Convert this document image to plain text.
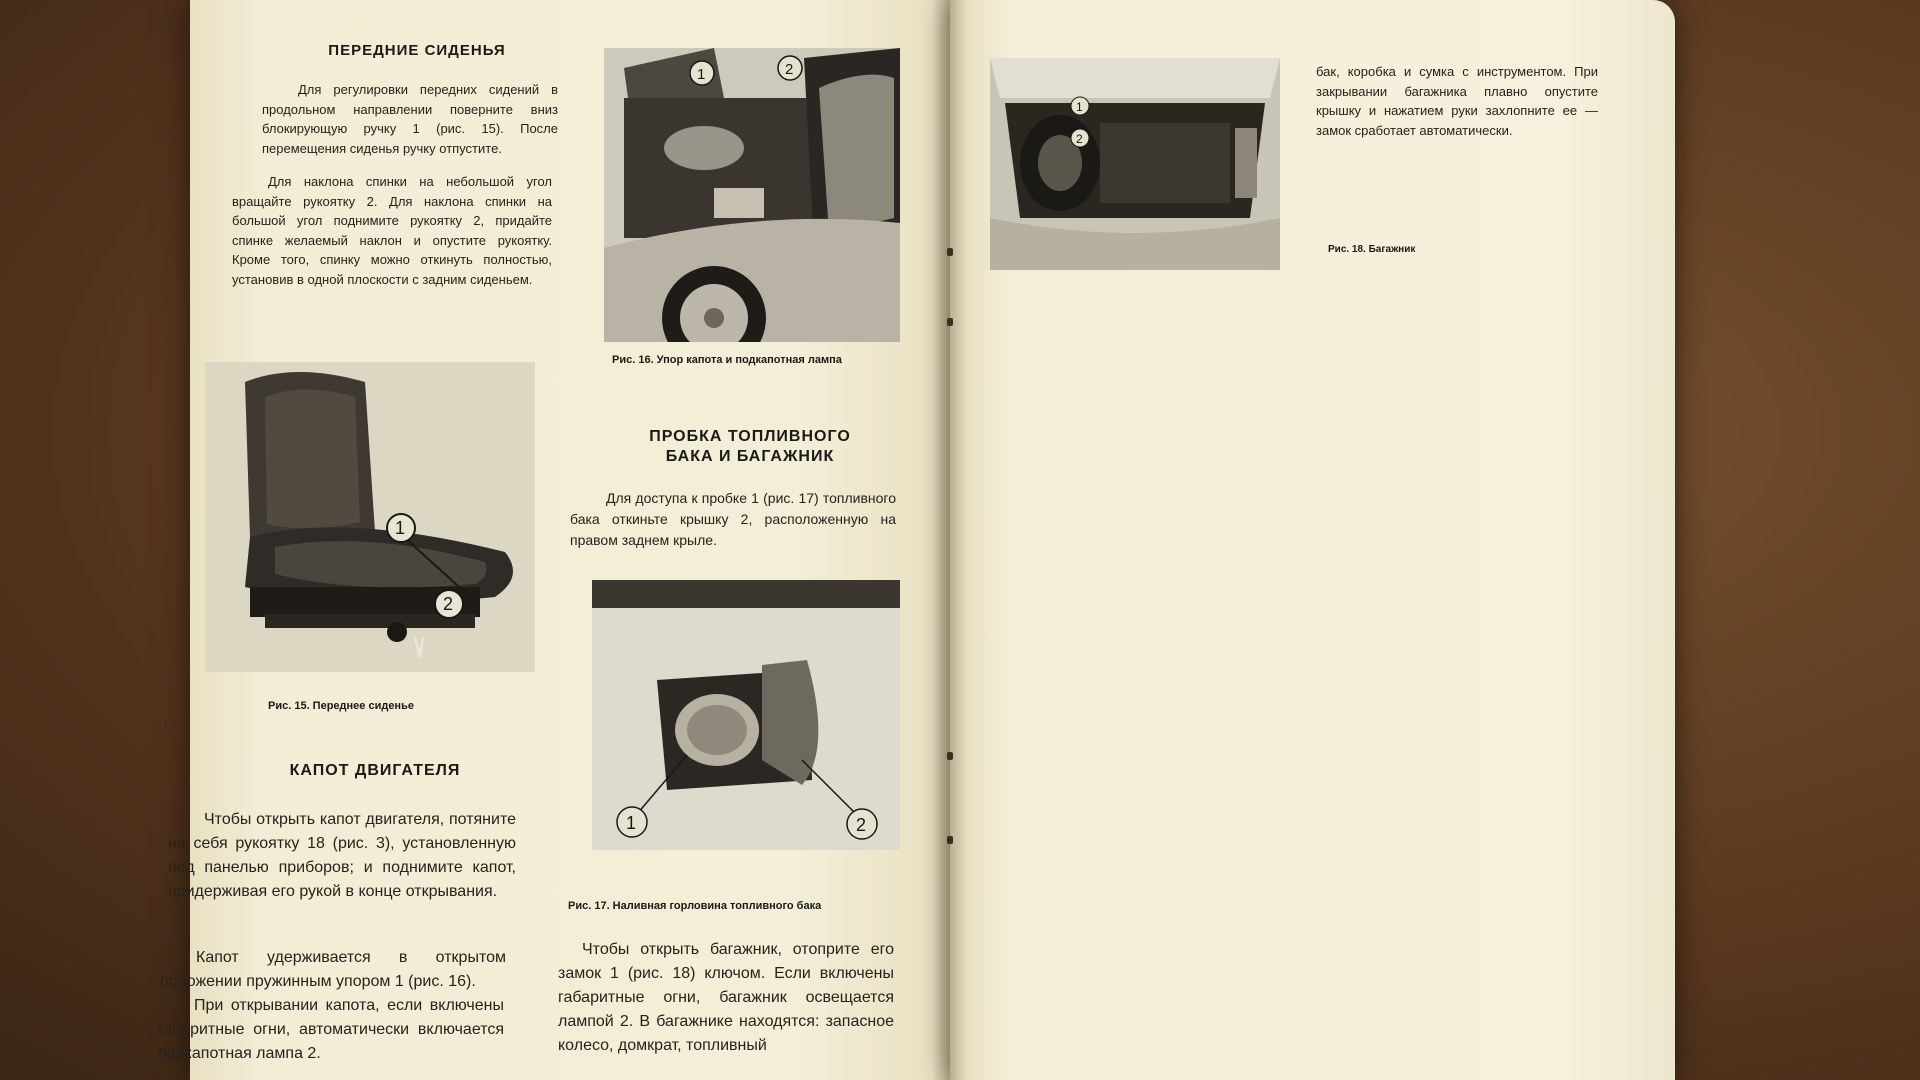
ПЕРЕДНИЕ СИДЕНЬЯ

Для регулировки передних сидений в продольном направлении поверните вниз блокирующую ручку 1 (рис. 15). После перемещения сиденья ручку отпустите.

Для наклона спинки на небольшой угол вращайте рукоятку 2. Для наклона спинки на большой угол поднимите рукоятку 2, придайте спинке желаемый наклон и опустите рукоятку. Кроме того, спинку можно откинуть полностью, установив в одной плоскости с задним сиденьем.

1
2

Рис. 15. Переднее сиденье

КАПОТ ДВИГАТЕЛЯ

Чтобы открыть капот двигателя, потяните на себя рукоятку 18 (рис. 3), установленную под панелью приборов; и поднимите капот, придерживая его рукой в конце открывания.

Капот удерживается в открытом положении пружинным упором 1 (рис. 16).

При открывании капота, если включены габаритные огни, автоматически включается подкапотная лампа 2.

1	2

Рис. 16. Упор капота и подкапотная лампа

ПРОБКА ТОПЛИВНОГО
БАКА И БАГАЖНИК

Для доступа к пробке 1 (рис. 17) топливного бака откиньте крышку 2, расположенную на правом заднем крыле.

1	2

Рис. 17. Наливная горловина топливного бака

Чтобы открыть багажник, отоприте его замок 1 (рис. 18) ключом. Если включены габаритные огни, багажник освещается лампой 2. В багажнике находятся: запасное колесо, домкрат, топливный

1
2

бак, коробка и сумка с инструментом. При закрывании багажника плавно опустите крышку и нажатием руки захлопните ее — замок сработает автоматически.

Рис. 18. Багажник
